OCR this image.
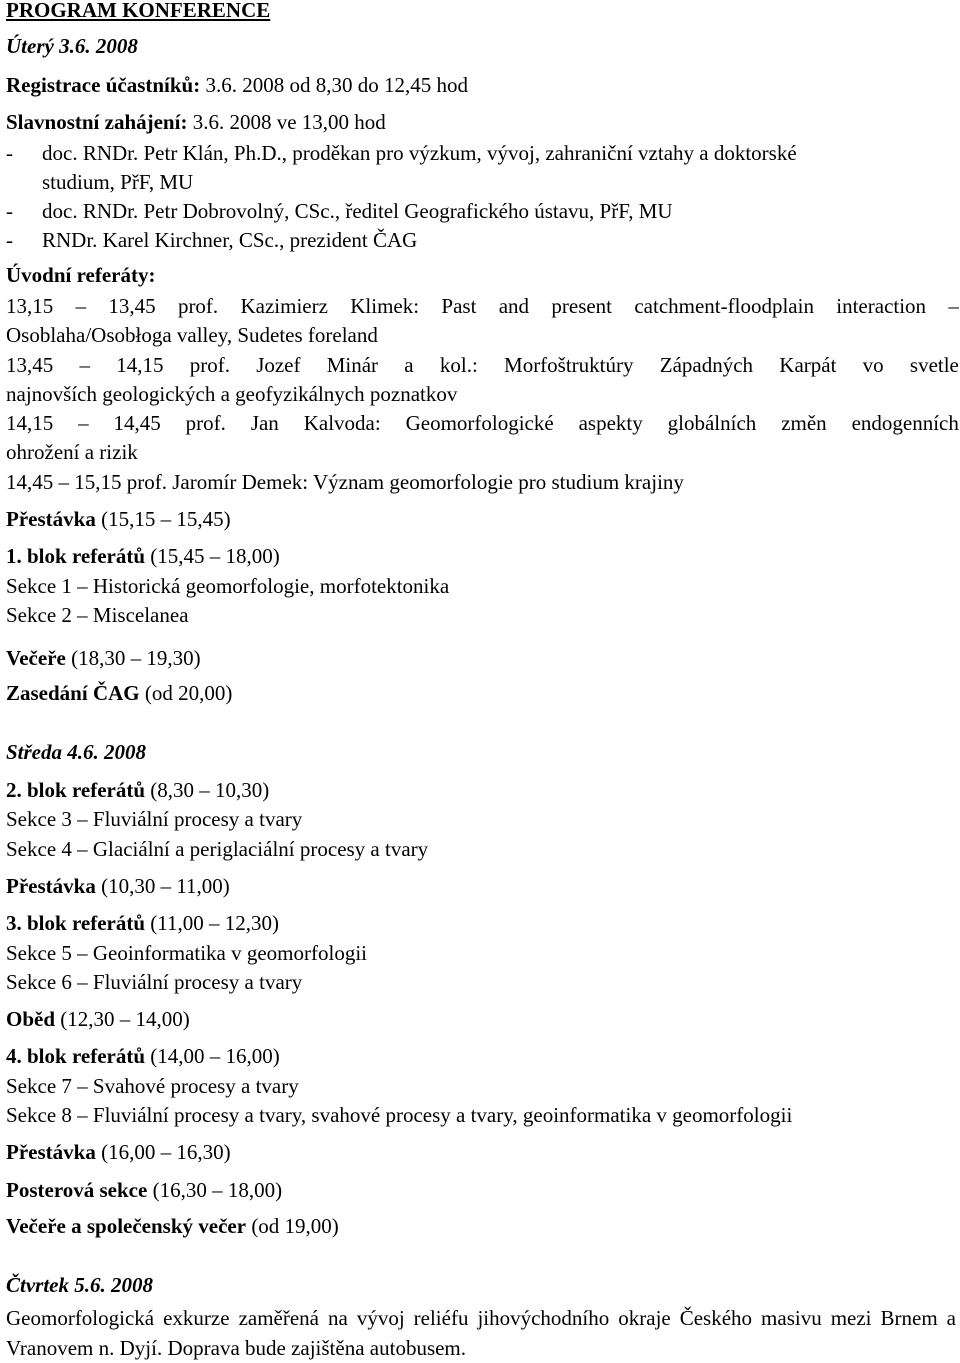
PROGRAM KONFERENCE
Úterý 3.6. 2008
Registrace účastníků: 3.6. 2008 od 8,30 do 12,45 hod
Slavnostní zahájení: 3.6. 2008 ve 13,00 hod
- doc. RNDr. Petr Klán, Ph.D., proděkan pro výzkum, vývoj, zahraniční vztahy a doktorské
studium, PřF, MU
- doc. RNDr. Petr Dobrovolný, CSc., ředitel Geografického ústavu, PřF, MU
- RNDr. Karel Kirchner, CSc., prezident ČAG
Úvodní referáty:
13,15 – 13,45 prof. Kazimierz Klimek: Past and present catchment-floodplain interaction –
Osoblaha/Osobłoga valley, Sudetes foreland
13,45 – 14,15 prof. Jozef Minár a kol.: Morfoštruktúry Západných Karpát vo svetle
najnovších geologických a geofyzikálnych poznatkov
14,15 – 14,45 prof. Jan Kalvoda: Geomorfologické aspekty globálních změn endogenních
ohrožení a rizik
14,45 – 15,15 prof. Jaromír Demek: Význam geomorfologie pro studium krajiny
Přestávka (15,15 – 15,45)
1. blok referátů (15,45 – 18,00)
Sekce 1 – Historická geomorfologie, morfotektonika
Sekce 2 – Miscelanea
Večeře (18,30 – 19,30)
Zasedání ČAG (od 20,00)
Středa 4.6. 2008
2. blok referátů (8,30 – 10,30)
Sekce 3 – Fluviální procesy a tvary
Sekce 4 – Glaciální a periglaciální procesy a tvary
Přestávka (10,30 – 11,00)
3. blok referátů (11,00 – 12,30)
Sekce 5 – Geoinformatika v geomorfologii
Sekce 6 – Fluviální procesy a tvary
Oběd (12,30 – 14,00)
4. blok referátů (14,00 – 16,00)
Sekce 7 – Svahové procesy a tvary
Sekce 8 – Fluviální procesy a tvary, svahové procesy a tvary, geoinformatika v geomorfologii
Přestávka (16,00 – 16,30)
Posterová sekce (16,30 – 18,00)
Večeře a společenský večer (od 19,00)
Čtvrtek 5.6. 2008
Geomorfologická exkurze zaměřená na vývoj reliéfu jihovýchodního okraje Českého masivu mezi Brnem a Vranovem n. Dyjí. Doprava bude zajištěna autobusem.
